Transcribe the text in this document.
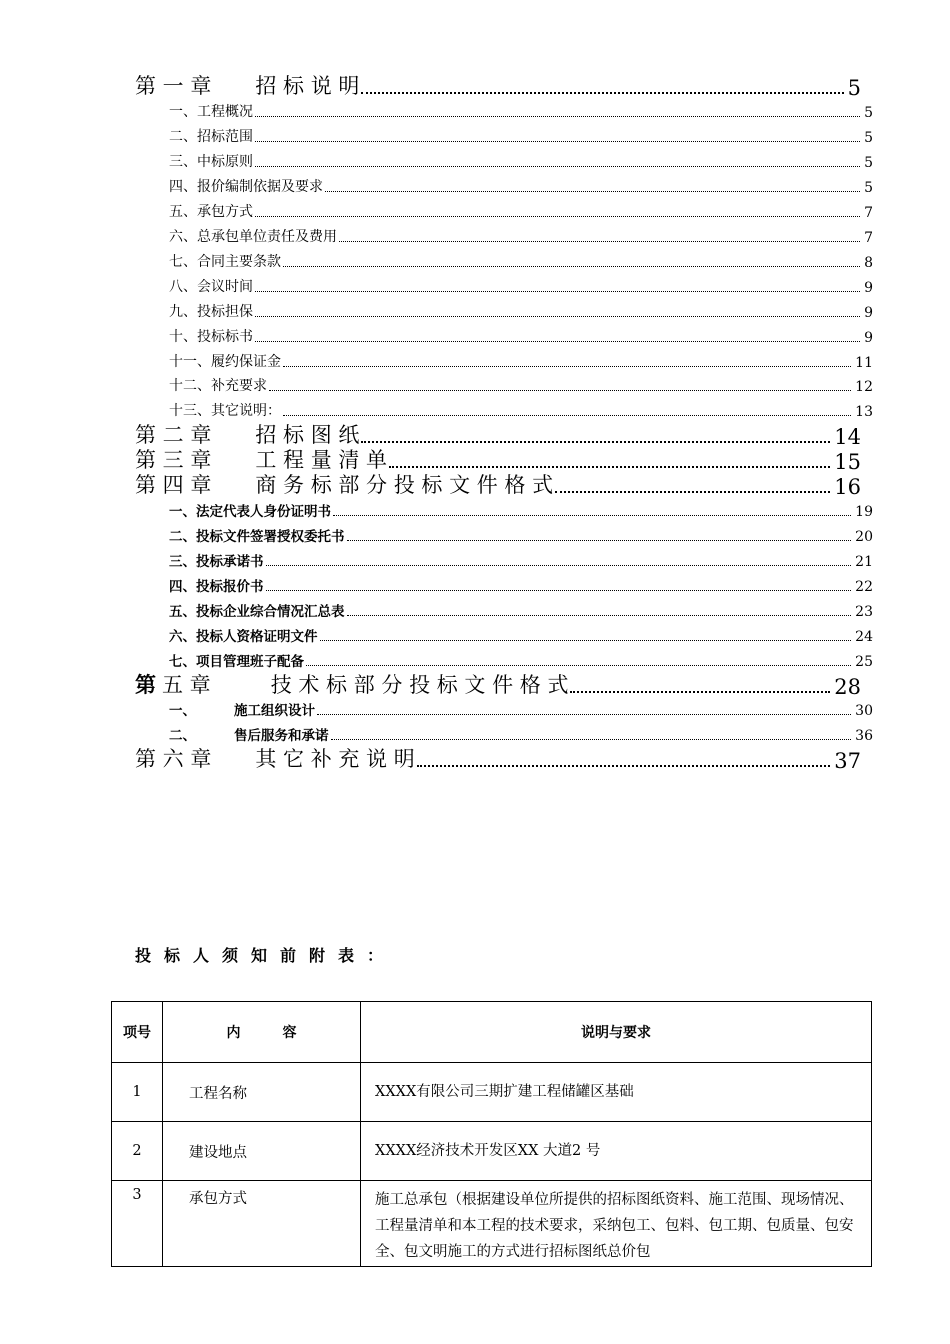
第 一 章 招 标 说 明	5
一、工程概况	5
二、招标范围	5
三、中标原则	5
四、报价编制依据及要求	5
五、承包方式	7
六、总承包单位责任及费用	7
七、合同主要条款	8
八、会议时间	9
九、投标担保	9
十、投标标书	9
十一、履约保证金	11
十二、补充要求	12
十三、其它说明：	13
第 二 章 招 标 图 纸	14
第 三 章 工 程 量 清 单	15
第 四 章 商 务 标 部 分 投 标 文 件 格 式	16
一、法定代表人身份证明书	19
二、投标文件签署授权委托书	20
三、投标承诺书	21
四、投标报价书	22
五、投标企业综合情况汇总表	23
六、投标人资格证明文件	24
七、项目管理班子配备	25
第 五 章	技 术 标 部 分 投 标 文 件 格 式	28
一、	施工组织设计	30
二、	售后服务和承诺	36
第 六 章 其 它 补 充 说 明	37
投标人须知前附表：
项号	内　　　容	说明与要求
1	工程名称	XXXX有限公司三期扩建工程储罐区基础
2	建设地点	XXXX经济技术开发区XX 大道2 号
3	承包方式	施工总承包（根据建设单位所提供的招标图纸资料、施工范围、现场情况、工程量清单和本工程的技术要求，采纳包工、包料、包工期、包质量、包安全、包文明施工的方式进行招标图纸总价包
